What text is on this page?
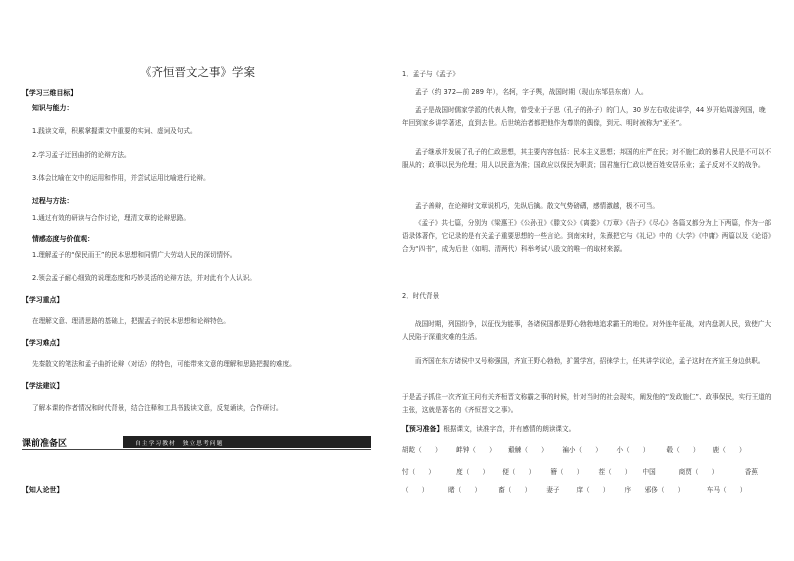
《齐恒晋文之事》学案
【学习三维目标】
知识与能力：
1.践读文章，积累掌握课文中重要的实词、虚词及句式。
2.学习孟子迂回曲折的论辩方法。
3.体会比喻在文中的运用和作用，并尝试运用比喻进行论辩。
过程与方法：
1.通过有效的研读与合作讨论，理清文章的论辩思路。
情感态度与价值观：
1.理解孟子的“保民而王”的民本思想和同情广大劳动人民的深切情怀。
2.领会孟子耐心细致的说理态度和巧妙灵活的论辩方法，并对此有个人认识。
【学习重点】
在理解文意、理清思路的基础上，把握孟子的民本思想和论辩特色。
【学习难点】
先秦散文的笔法和孟子曲折论辩（对话）的特色，可能带来文意的理解和思路把握的难度。
【学法建议】
了解本课的作者情况和时代背景，结合注释和工具书践读文意，反复诵读，合作研讨。
课前准备区	自主学习教材　独立思考问题
【知人论世】
1．孟子与《孟子》
孟子（约 372—前 289 年），名轲，字子舆，战国时期（现山东邹县东南）人。
孟子是战国时儒家学派的代表人物，曾受业于子思（孔子的孙子）的门人，30 岁左右收徒讲学，44 岁开始周游列国，晚年回到家乡讲学著述，直到去世。后世统治者都把他作为尊崇的偶像，到元、明时被称为“亚圣”。
孟子继承并发展了孔子的仁政思想，其主要内容包括：民本主义思想；邦国的庄严在民；对不施仁政的暴君人民是不可以不服从的；政事以民为伦理；用人以民意为准；国政应以保民为职责；国君施行仁政以使百姓安居乐业；孟子反对不义的战争。
孟子善辩，在论辩时文章说机巧，先纵后擒。散文气势磅礴，感情激越，极不可当。
《孟子》共七篇，分别为《梁惠王》《公孙丑》《滕文公》《离娄》《万章》《告子》《尽心》各篇又都分为上下两篇，作为一部语录体著作，它记录的是有关孟子重要思想的一些言论。到南宋时，朱熹把它与《礼记》中的《大学》《中庸》两篇以及《论语》合为“四书”，成为后世（如明、清两代）科举考试八股文的唯一的取材来源。
2．时代背景
战国时期，列国纷争，以征伐为能事，各诸侯国都是野心勃勃地追求霸王的地位。对外连年征战，对内盘剥人民，致使广大人民陷于深重灾难的生活。
而齐国在东方诸侯中又号称强国，齐宣王野心勃勃，扩置学宫，招徕学士，任其讲学议论，孟子这时在齐宣王身边供职。
于是孟子抓住一次齐宣王问有关齐桓晋文称霸之事的时候，针对当时的社会现实，阐发他的“发政施仁”、政事保民，实行王道的主张，这就是著名的《齐恒晋文之事》。
【预习准备】根据课文，读准字音，并有感情的朗读课文。
胡龁（　　） 衅钟（　　） 觳觫（　　） 褊小（　　） 小（　　）	毂（　　） 鹿（　　）
忖（　　）	度（　　） 便（　　） 簪（　　） 茬（　　） 中国	商贾（　　）	香蕉
（　　）	睹（　　）	畜（　　） 妻子	庠（　　） 序 邪侈（　　）	车马（　　）
